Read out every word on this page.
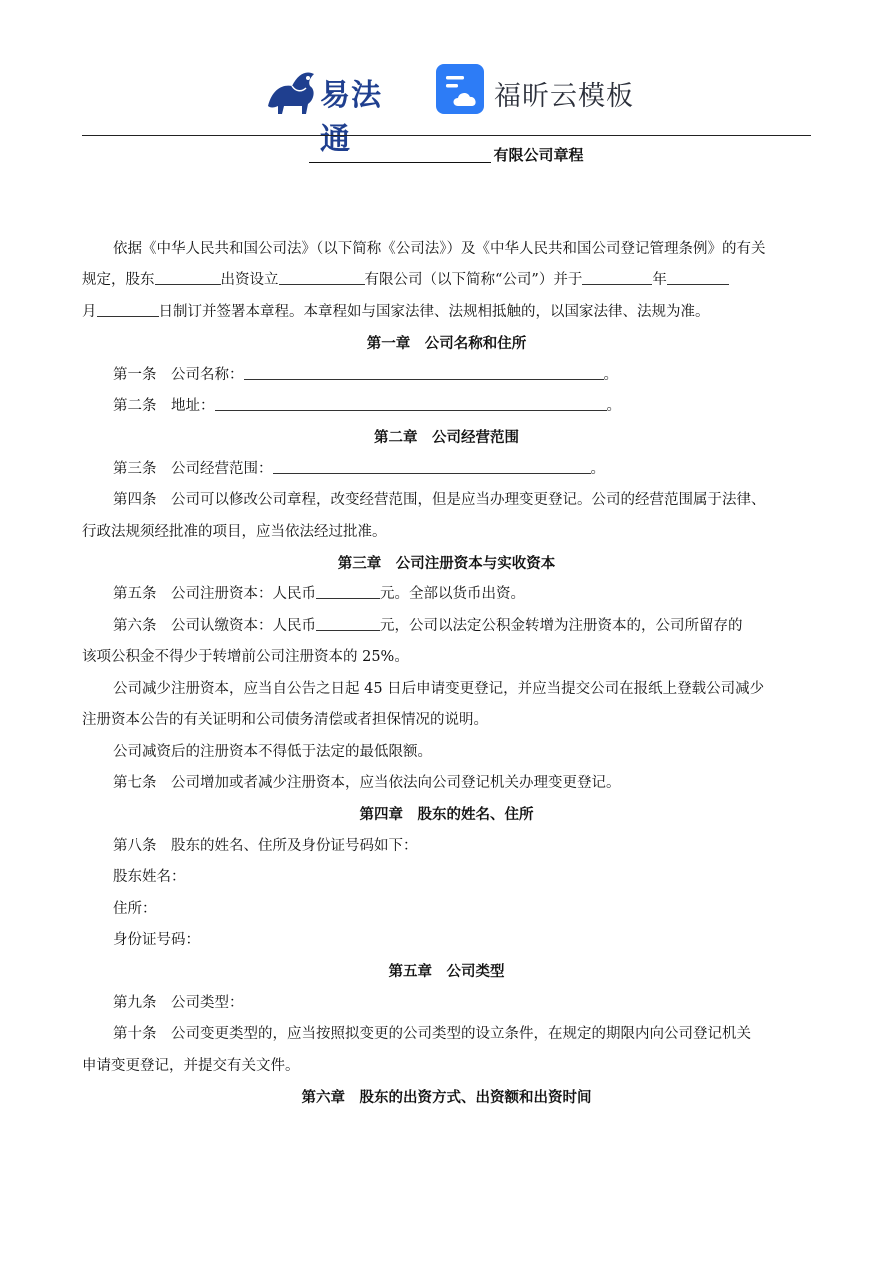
易法通
福昕云模板
有限公司章程

依据《中华人民共和国公司法》（以下简称《公司法》）及《中华人民共和国公司登记管理条例》的有关

规定，股东	出资设立	有限公司（以下简称“公司”）并于	年

月	日制订并签署本章程。本章程如与国家法律、法规相抵触的，以国家法律、法规为准。

第一章　公司名称和住所

第一条　公司名称：	。

第二条　地址：	。

第二章　公司经营范围

第三条　公司经营范围：	。

第四条　公司可以修改公司章程，改变经营范围，但是应当办理变更登记。公司的经营范围属于法律、

行政法规须经批准的项目，应当依法经过批准。

第三章　公司注册资本与实收资本

第五条　公司注册资本：人民币	元。全部以货币出资。

第六条　公司认缴资本：人民币	元，公司以法定公积金转增为注册资本的，公司所留存的

该项公积金不得少于转增前公司注册资本的 25%。

公司减少注册资本，应当自公告之日起 45 日后申请变更登记，并应当提交公司在报纸上登载公司减少

注册资本公告的有关证明和公司债务清偿或者担保情况的说明。

公司减资后的注册资本不得低于法定的最低限额。

第七条　公司增加或者减少注册资本，应当依法向公司登记机关办理变更登记。

第四章　股东的姓名、住所

第八条　股东的姓名、住所及身份证号码如下：

股东姓名：

住所：

身份证号码：

第五章　公司类型

第九条　公司类型：

第十条　公司变更类型的，应当按照拟变更的公司类型的设立条件，在规定的期限内向公司登记机关

申请变更登记，并提交有关文件。

第六章　股东的出资方式、出资额和出资时间
